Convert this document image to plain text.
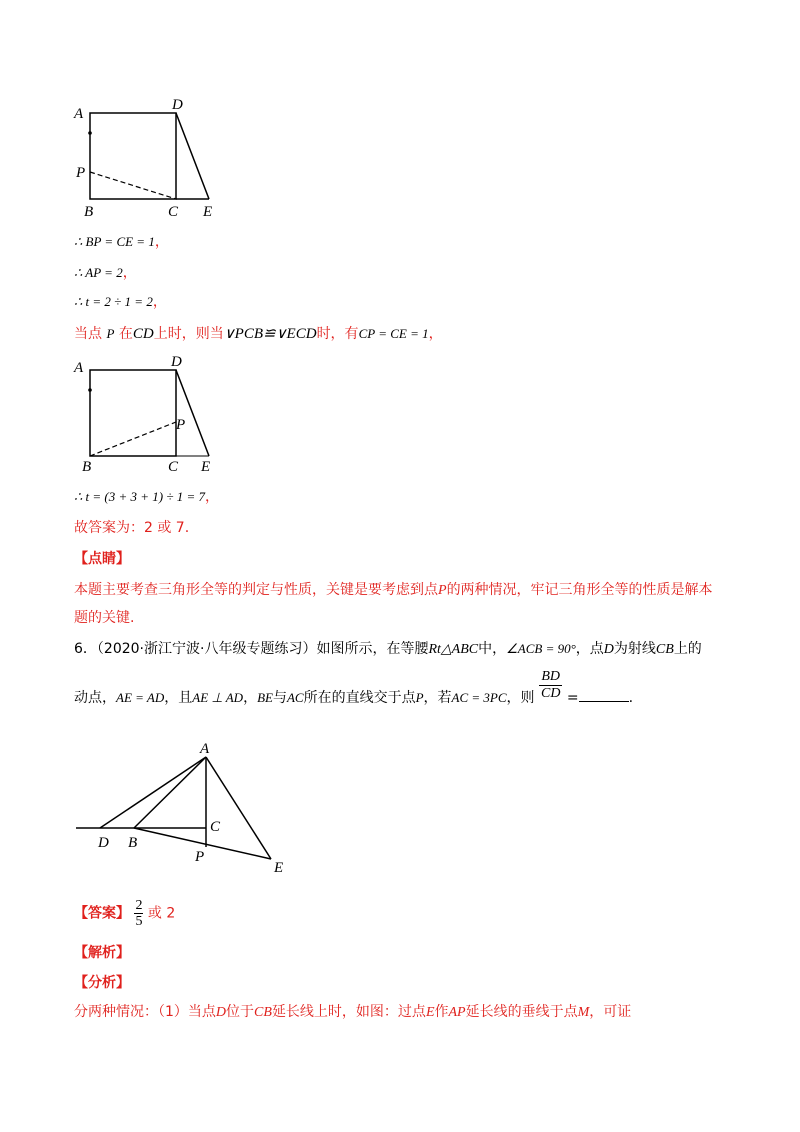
A
D
P
B	C E
∴ BP = CE = 1，
∴ AP = 2，
∴ t = 2 ÷ 1 = 2，
当点 P 在CD上时，则当∨PCB≌∨ECD时，有CP = CE = 1，
A	D
P
B	C E
∴ t = (3 + 3 + 1) ÷ 1 = 7，
故答案为：2 或 7.
【点睛】
本题主要考查三角形全等的判定与性质，关键是要考虑到点P的两种情况，牢记三角形全等的性质是解本
题的关键.
6．（2020·浙江宁波·八年级专题练习）如图所示，在等腰Rt△ABC中，∠ACB = 90°，点D为射线CB上的
动点，AE = AD，且AE ⊥ AD，BE与AC所在的直线交于点P，若AC = 3PC，则 $\frac{BD}{CD}$ =	.
A
C
D B
P
E
【答案】 $\frac{2}{5}$ 或 2
【解析】
【分析】
分两种情况：（1）当点D位于CB延长线上时，如图：过点E作AP延长线的垂线于点M，可证
